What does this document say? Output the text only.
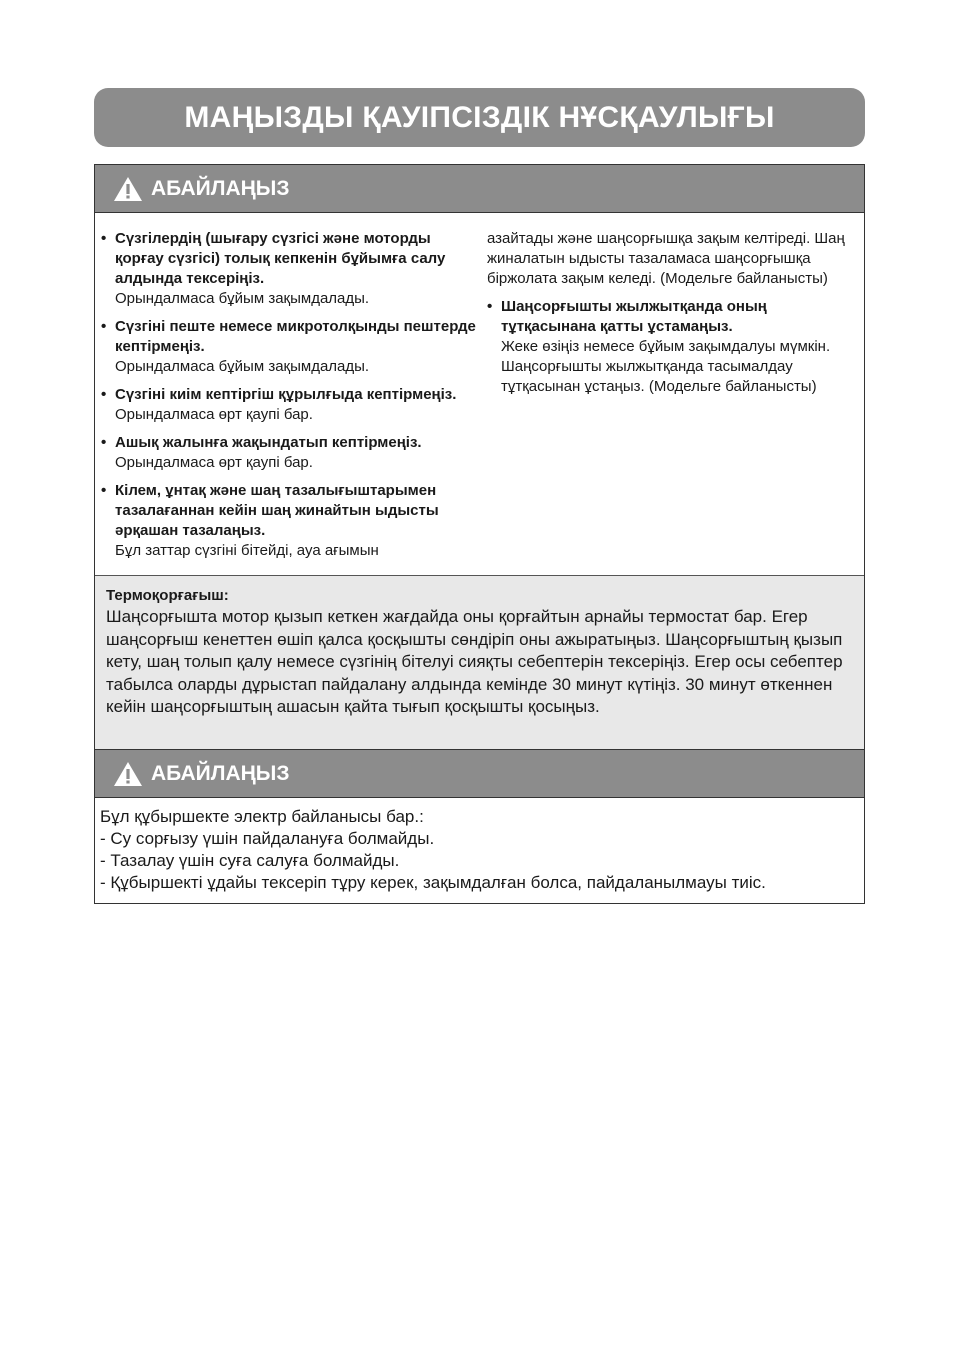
МАҢЫЗДЫ ҚАУІПСІЗДІК НҰСҚАУЛЫҒЫ
АБАЙЛАҢЫЗ
• Сүзгілердің (шығару сүзгісі және моторды қорғау сүзгісі) толық кепкенін бұйымға салу алдында тексеріңіз.
Орындалмаса бұйым зақымдалады.
• Сүзгіні пеште немесе микротолқынды пештерде кептірмеңіз.
Орындалмаса бұйым зақымдалады.
• Сүзгіні киім кептіргіш құрылғыда кептірмеңіз.
Орындалмаса өрт қаупі бар.
• Ашық жалынға жақындатып кептірмеңіз.
Орындалмаса өрт қаупі бар.
• Кілем, ұнтақ және шаң тазалығыштарымен тазалағаннан кейін шаң жинайтын ыдысты әрқашан тазалаңыз.
Бұл заттар сүзгіні бітейді, ауа ағымын
азайтады және шаңсорғышқа зақым келтіреді. Шаң жиналатын ыдысты тазаламаса шаңсорғышқа біржолата зақым келеді. (Модельге байланысты)
• Шаңсорғышты жылжытқанда оның тұтқасынана қатты ұстамаңыз.
Жеке өзіңіз немесе бұйым зақымдалуы мүмкін. Шаңсорғышты жылжытқанда тасымалдау тұтқасынан ұстаңыз. (Модельге байланысты)
Термоқорғағыш:
Шаңсорғышта мотор қызып кеткен жағдайда оны қорғайтын арнайы термостат бар. Егер шаңсорғыш кенеттен өшіп қалса қосқышты сөндіріп оны ажыратыңыз. Шаңсорғыштың қызып кету, шаң толып қалу немесе сүзгінің бітелуі сияқты себептерін тексеріңіз. Егер осы себептер табылса оларды дұрыстап пайдалану алдында кемінде 30 минут күтіңіз. 30 минут өткеннен кейін шаңсорғыштың ашасын қайта тығып қосқышты қосыңыз.
АБАЙЛАҢЫЗ
Бұл құбыршекте электр байланысы бар.:
- Су сорғызу үшін пайдалануға болмайды.
- Тазалау үшін суға салуға болмайды.
- Құбыршекті ұдайы тексеріп тұру керек, зақымдалған болса, пайдаланылмауы тиіс.
